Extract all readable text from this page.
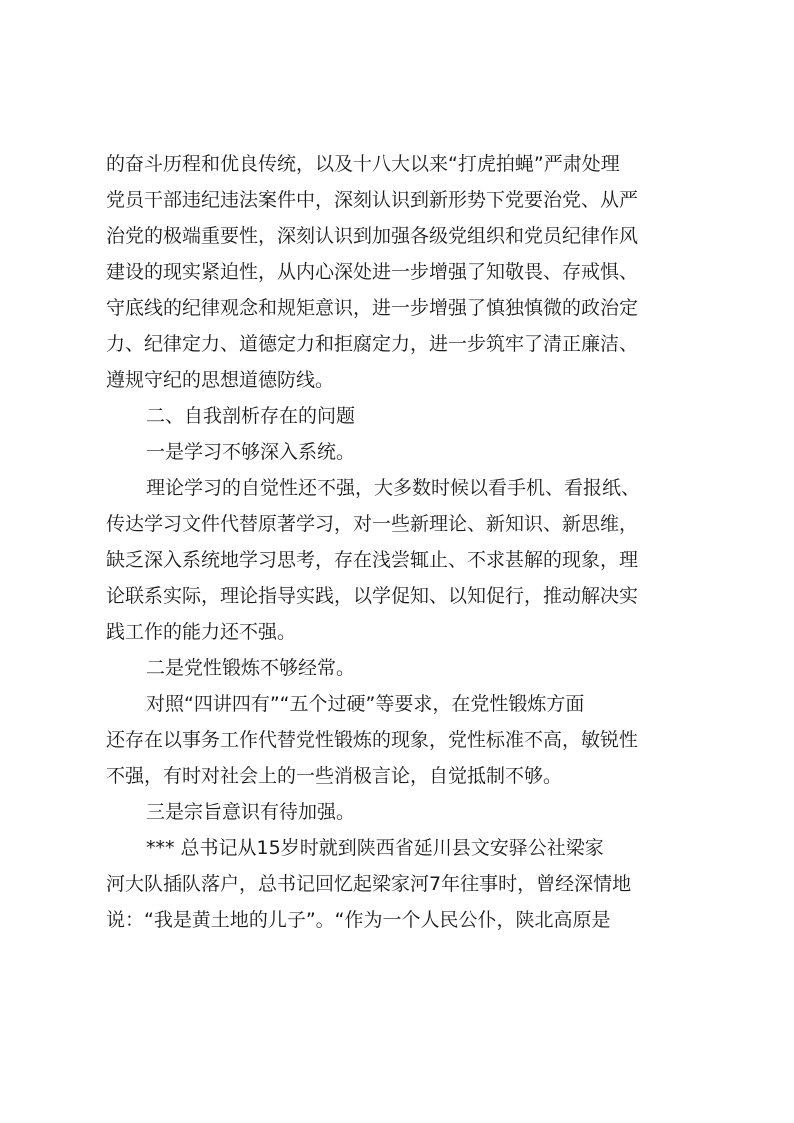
的奋斗历程和优良传统，以及十八大以来“打虎拍蝇”严肃处理
党员干部违纪违法案件中，深刻认识到新形势下党要治党、从严
治党的极端重要性，深刻认识到加强各级党组织和党员纪律作风
建设的现实紧迫性，从内心深处进一步增强了知敬畏、存戒惧、
守底线的纪律观念和规矩意识，进一步增强了慎独慎微的政治定
力、纪律定力、道德定力和拒腐定力，进一步筑牢了清正廉洁、
遵规守纪的思想道德防线。
二、自我剖析存在的问题
一是学习不够深入系统。
理论学习的自觉性还不强，大多数时候以看手机、看报纸、
传达学习文件代替原著学习，对一些新理论、新知识、新思维，
缺乏深入系统地学习思考，存在浅尝辄止、不求甚解的现象，理
论联系实际，理论指导实践，以学促知、以知促行，推动解决实
践工作的能力还不强。
二是党性锻炼不够经常。
对照“四讲四有”“五个过硬”等要求，在党性锻炼方面
还存在以事务工作代替党性锻炼的现象，党性标准不高，敏锐性
不强，有时对社会上的一些消极言论，自觉抵制不够。
三是宗旨意识有待加强。
*** 总书记从15岁时就到陕西省延川县文安驿公社梁家
河大队插队落户，总书记回忆起梁家河7年往事时，曾经深情地
说：“我是黄土地的儿子”。“作为一个人民公仆，陕北高原是
